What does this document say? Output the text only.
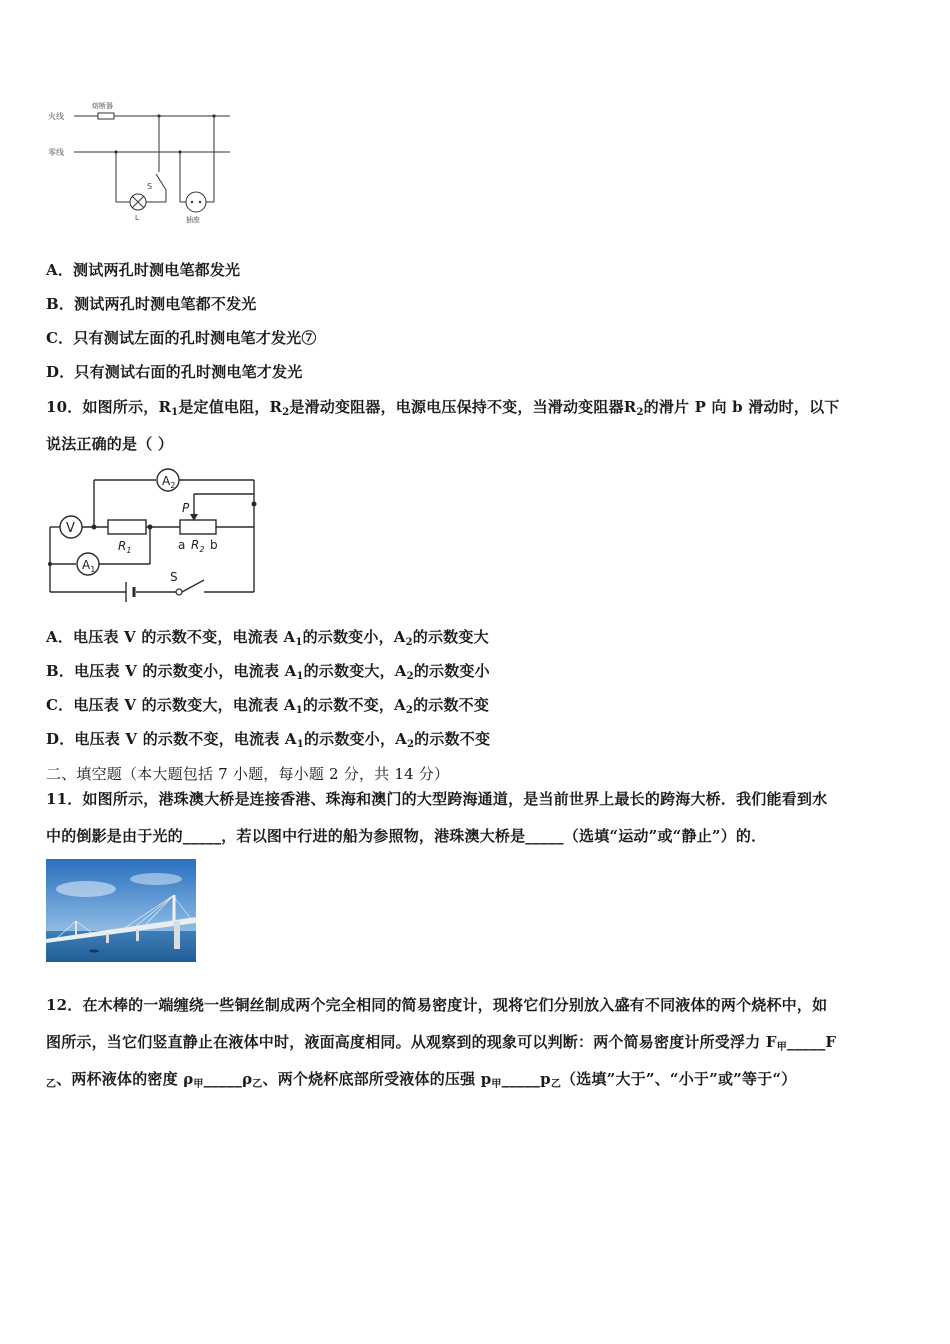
火线
熔断器
零线
S
L	插座
A．测试两孔时测电笔都发光
B．测试两孔时测电笔都不发光
C．只有测试左面的孔时测电笔才发光⑦
D．只有测试右面的孔时测电笔才发光
10．如图所示，$R_1$是定值电阻，$R_2$是滑动变阻器，电源电压保持不变，当滑动变阻器$R_2$的滑片 P 向 b 滑动时，以下
说法正确的是（ ）
V
$A_2$
$A_1$
$R_1$
P
a $R_2$ b
S
A．电压表 V 的示数不变，电流表 $A_1$的示数变小，$A_2$的示数变大
B．电压表 V 的示数变小，电流表 $A_1$的示数变大，$A_2$的示数变小
C．电压表 V 的示数变大，电流表 $A_1$的示数不变，$A_2$的示数不变
D．电压表 V 的示数不变，电流表 $A_1$的示数变小，$A_2$的示数不变
二、填空题（本大题包括 7 小题，每小题 2 分，共 14 分）
11．如图所示，港珠澳大桥是连接香港、珠海和澳门的大型跨海通道，是当前世界上最长的跨海大桥．我们能看到水
中的倒影是由于光的_____，若以图中行进的船为参照物，港珠澳大桥是_____（选填“运动”或“静止”）的．
12．在木棒的一端缠绕一些铜丝制成两个完全相同的简易密度计，现将它们分别放入盛有不同液体的两个烧杯中，如
图所示，当它们竖直静止在液体中时，液面高度相同。从观察到的现象可以判断：两个简易密度计所受浮力 $F_甲\_\_\_\_\_F$
$_乙$、两杯液体的密度 $\rho_甲\_\_\_\_\_\rho_乙$、两个烧杯底部所受液体的压强 $p_甲\_\_\_\_\_p_乙$（选填”大于”、“小于”或”等于“）
